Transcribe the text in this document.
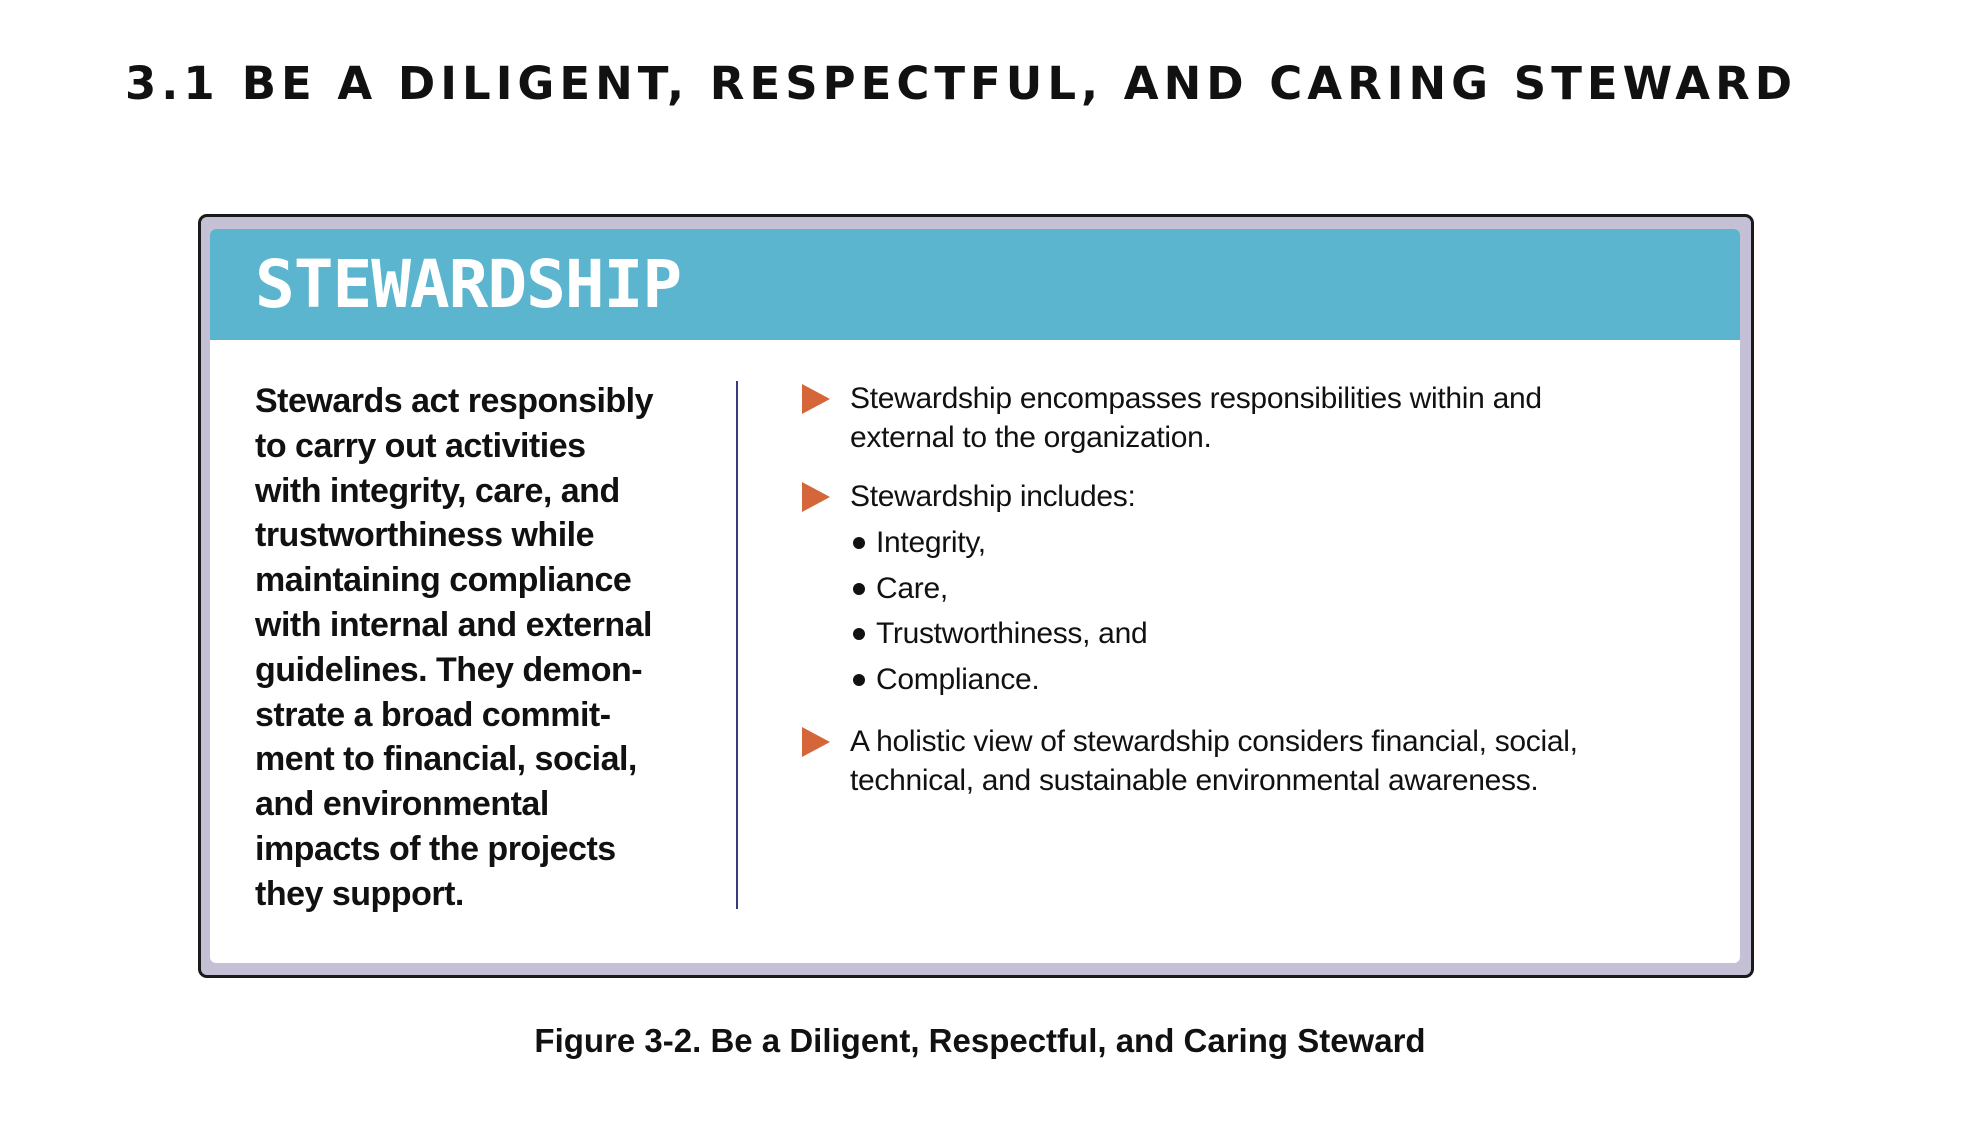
3.1 BE A DILIGENT, RESPECTFUL, AND CARING STEWARD
STEWARDSHIP
Stewards act responsibly
to carry out activities
with integrity, care, and
trustworthiness while
maintaining compliance
with internal and external
guidelines. They demon-
strate a broad commit-
ment to financial, social,
and environmental
impacts of the projects
they support.
Stewardship encompasses responsibilities within and
external to the organization.
Stewardship includes:
Integrity,
Care,
Trustworthiness, and
Compliance.
A holistic view of stewardship considers financial, social,
technical, and sustainable environmental awareness.
Figure 3-2. Be a Diligent, Respectful, and Caring Steward
